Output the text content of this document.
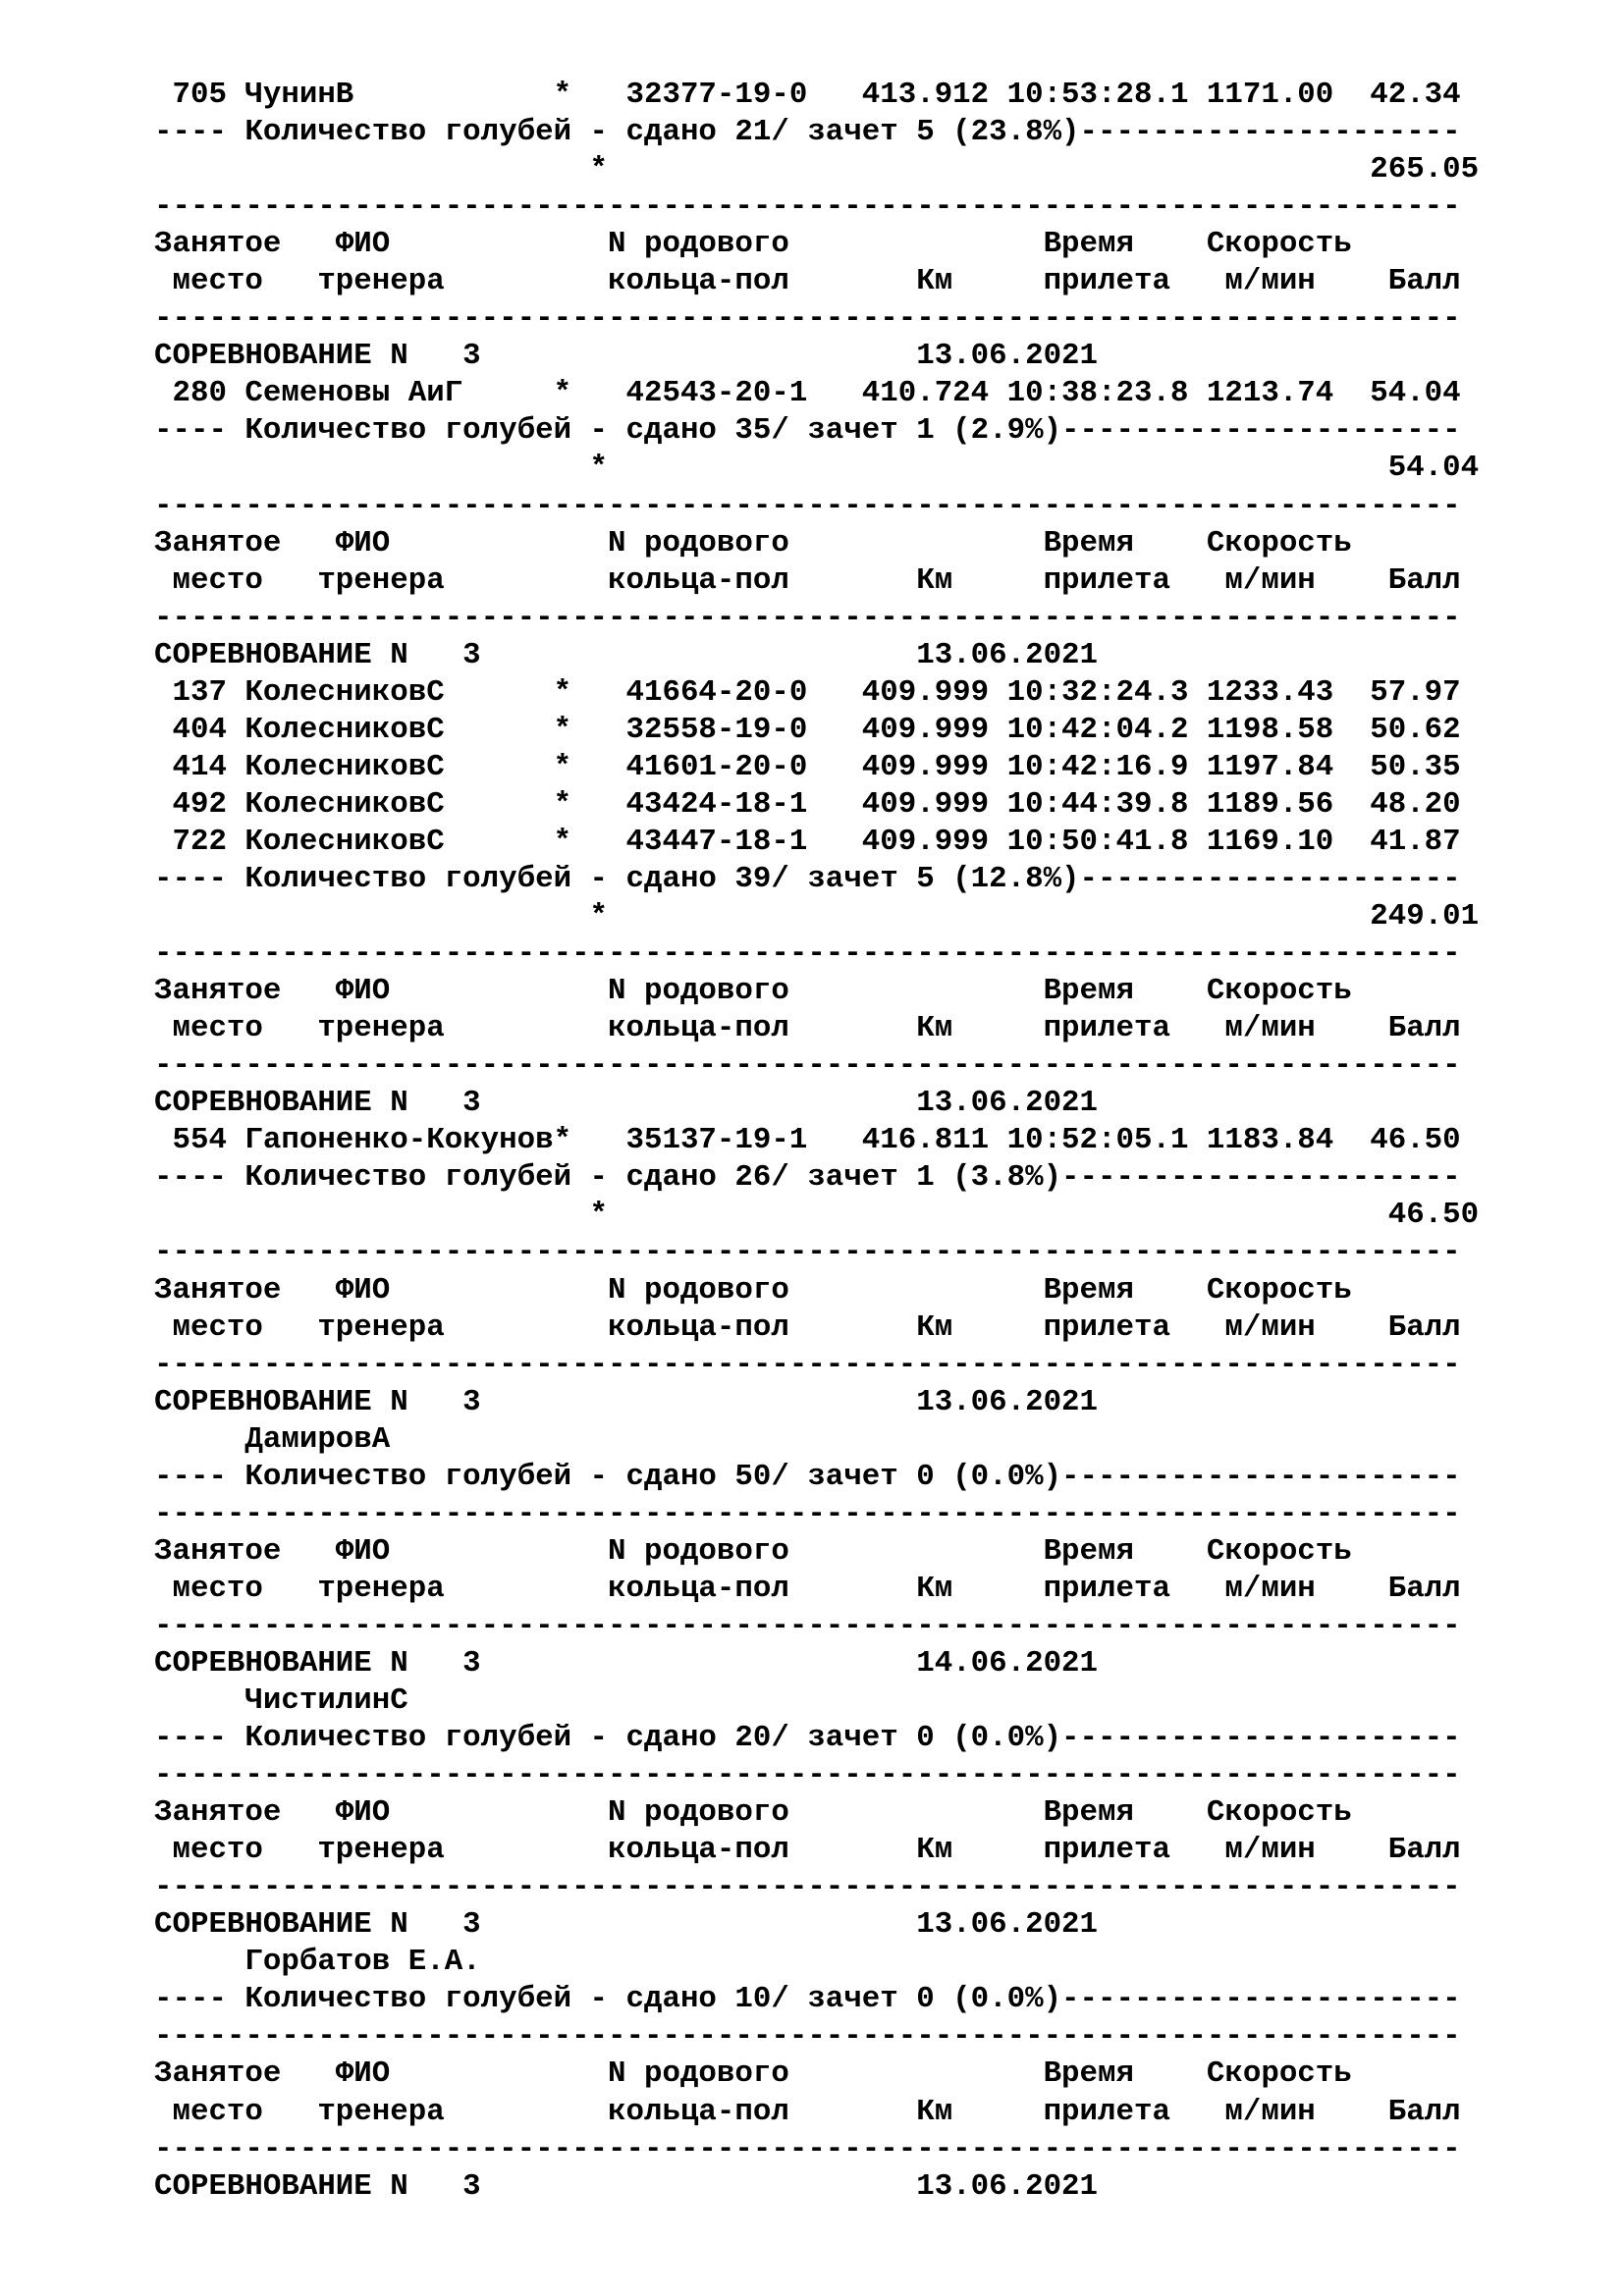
705 ЧунинВ           *   32377-19-0   413.912 10:53:28.1 1171.00  42.34
---- Количество голубей - сдано 21/ зачет 5 (23.8%)---------------------
*                                          265.05
------------------------------------------------------------------------
Занятое   ФИО            N родового              Время    Скорость
место   тренера         кольца-пол       Км     прилета   м/мин    Балл
------------------------------------------------------------------------
СОРЕВНОВАНИЕ N   3                        13.06.2021
280 Семеновы АиГ     *   42543-20-1   410.724 10:38:23.8 1213.74  54.04
---- Количество голубей - сдано 35/ зачет 1 (2.9%)----------------------
*                                           54.04
------------------------------------------------------------------------
Занятое   ФИО            N родового              Время    Скорость
место   тренера         кольца-пол       Км     прилета   м/мин    Балл
------------------------------------------------------------------------
СОРЕВНОВАНИЕ N   3                        13.06.2021
137 КолесниковС      *   41664-20-0   409.999 10:32:24.3 1233.43  57.97
404 КолесниковС      *   32558-19-0   409.999 10:42:04.2 1198.58  50.62
414 КолесниковС      *   41601-20-0   409.999 10:42:16.9 1197.84  50.35
492 КолесниковС      *   43424-18-1   409.999 10:44:39.8 1189.56  48.20
722 КолесниковС      *   43447-18-1   409.999 10:50:41.8 1169.10  41.87
---- Количество голубей - сдано 39/ зачет 5 (12.8%)---------------------
*                                          249.01
------------------------------------------------------------------------
Занятое   ФИО            N родового              Время    Скорость
место   тренера         кольца-пол       Км     прилета   м/мин    Балл
------------------------------------------------------------------------
СОРЕВНОВАНИЕ N   3                        13.06.2021
554 Гапоненко-Кокунов*   35137-19-1   416.811 10:52:05.1 1183.84  46.50
---- Количество голубей - сдано 26/ зачет 1 (3.8%)----------------------
*                                           46.50
------------------------------------------------------------------------
Занятое   ФИО            N родового              Время    Скорость
место   тренера         кольца-пол       Км     прилета   м/мин    Балл
------------------------------------------------------------------------
СОРЕВНОВАНИЕ N   3                        13.06.2021
ДамировА
---- Количество голубей - сдано 50/ зачет 0 (0.0%)----------------------
------------------------------------------------------------------------
Занятое   ФИО            N родового              Время    Скорость
место   тренера         кольца-пол       Км     прилета   м/мин    Балл
------------------------------------------------------------------------
СОРЕВНОВАНИЕ N   3                        14.06.2021
ЧистилинС
---- Количество голубей - сдано 20/ зачет 0 (0.0%)----------------------
------------------------------------------------------------------------
Занятое   ФИО            N родового              Время    Скорость
место   тренера         кольца-пол       Км     прилета   м/мин    Балл
------------------------------------------------------------------------
СОРЕВНОВАНИЕ N   3                        13.06.2021
Горбатов Е.А.
---- Количество голубей - сдано 10/ зачет 0 (0.0%)----------------------
------------------------------------------------------------------------
Занятое   ФИО            N родового              Время    Скорость
место   тренера         кольца-пол       Км     прилета   м/мин    Балл
------------------------------------------------------------------------
СОРЕВНОВАНИЕ N   3                        13.06.2021
